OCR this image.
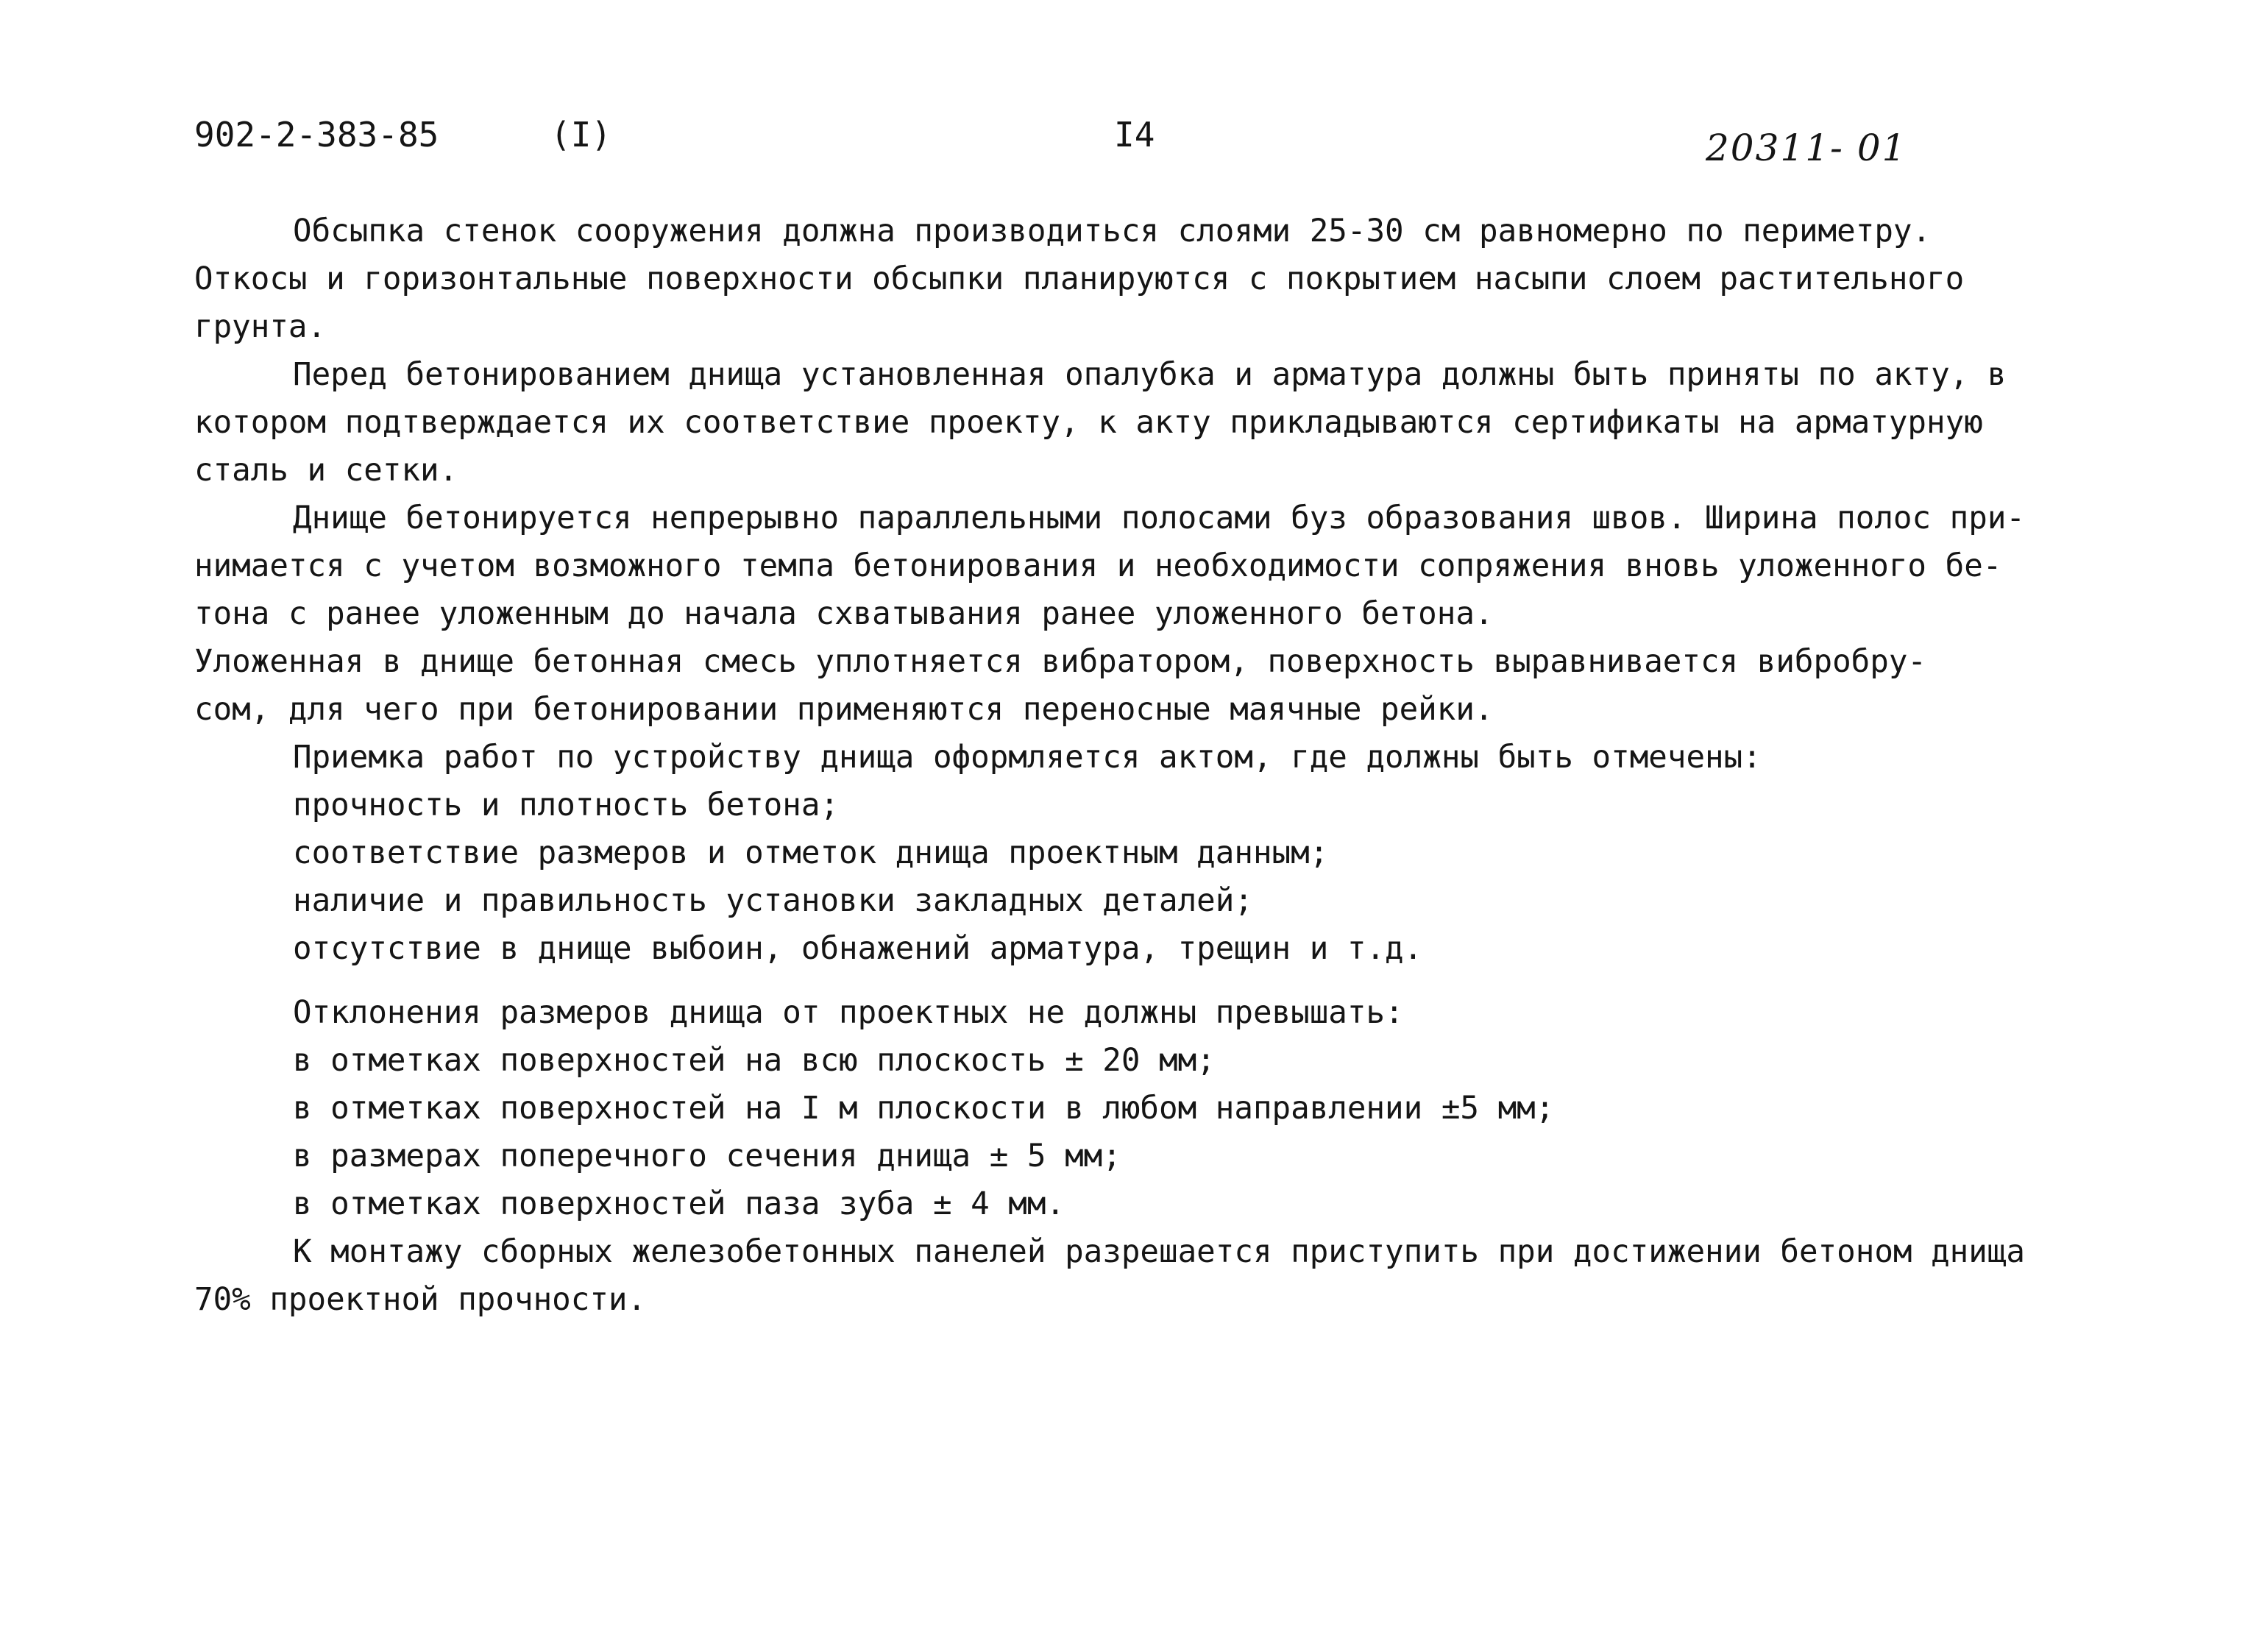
902-2-383-85	(I)	I4	20311- 01
Обсыпка стенок сооружения должна производиться слоями 25-30 см равномерно по периметру.
Откосы и горизонтальные поверхности обсыпки планируются с покрытием насыпи слоем растительного
грунта.
Перед бетонированием днища установленная опалубка и арматура должны быть приняты по акту, в
котором подтверждается их соответствие проекту, к акту прикладываются сертификаты на арматурную
сталь и сетки.
Днище бетонируется непрерывно параллельными полосами буз образования швов. Ширина полос при-
нимается с учетом возможного темпа бетонирования и необходимости сопряжения вновь уложенного бе-
тона с ранее уложенным до начала схватывания ранее уложенного бетона.
Уложенная в днище бетонная смесь уплотняется вибратором, поверхность выравнивается вибробру-
сом, для чего при бетонировании применяются переносные маячные рейки.
Приемка работ по устройству днища оформляется актом, где должны быть отмечены:
прочность и плотность бетона;
соответствие размеров и отметок днища проектным данным;
наличие и правильность установки закладных деталей;
отсутствие в днище выбоин, обнажений арматура, трещин и т.д.
Отклонения размеров днища от проектных не должны превышать:
в отметках поверхностей на всю плоскость ± 20 мм;
в отметках поверхностей на I м плоскости в любом направлении ±5 мм;
в размерах поперечного сечения днища ± 5 мм;
в отметках поверхностей паза зуба ± 4 мм.
К монтажу сборных железобетонных панелей разрешается приступить при достижении бетоном днища
70% проектной прочности.
